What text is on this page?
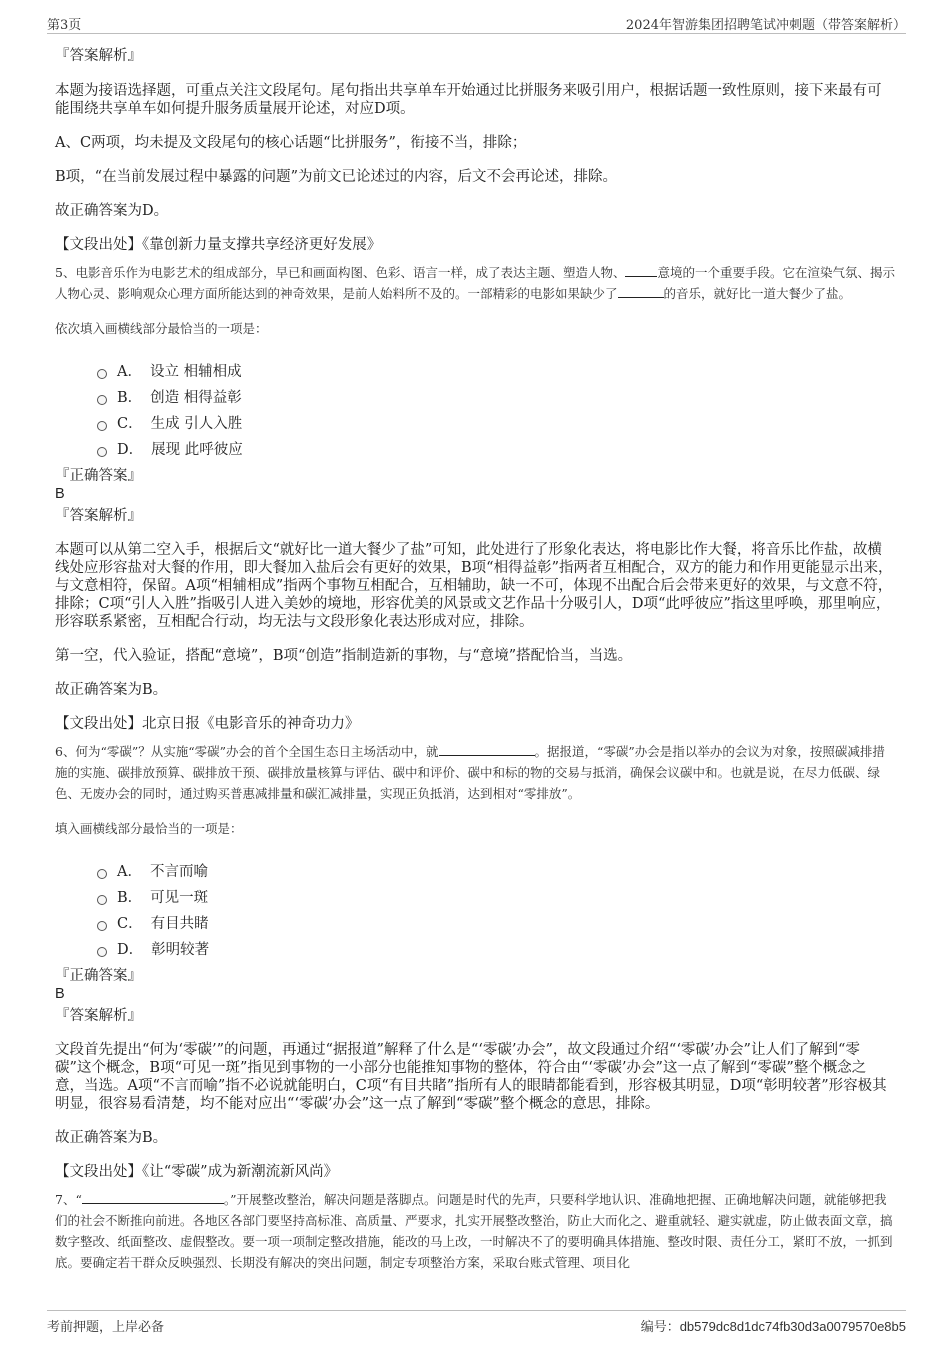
第3页	2024年智游集团招聘笔试冲刺题（带答案解析）

『答案解析』

本题为接语选择题，可重点关注文段尾句。尾句指出共享单车开始通过比拼服务来吸引用户，根据话题一致性原则，接下来最有可能围绕共享单车如何提升服务质量展开论述，对应D项。

A、C两项，均未提及文段尾句的核心话题“比拼服务”，衔接不当，排除；

B项，“在当前发展过程中暴露的问题”为前文已论述过的内容，后文不会再论述，排除。

故正确答案为D。

【文段出处】《靠创新力量支撑共享经济更好发展》

5、电影音乐作为电影艺术的组成部分，早已和画面构图、色彩、语言一样，成了表达主题、塑造人物、	意境的一个重要手段。它在渲染气氛、揭示人物心灵、影响观众心理方面所能达到的神奇效果，是前人始料所不及的。一部精彩的电影如果缺少了	的音乐，就好比一道大餐少了盐。

依次填入画横线部分最恰当的一项是：

A． 设立 相辅相成
B． 创造 相得益彰
C． 生成 引人入胜
D． 展现 此呼彼应

『正确答案』

B

『答案解析』

本题可以从第二空入手，根据后文“就好比一道大餐少了盐”可知，此处进行了形象化表达，将电影比作大餐，将音乐比作盐，故横线处应形容盐对大餐的作用，即大餐加入盐后会有更好的效果，B项“相得益彰”指两者互相配合，双方的能力和作用更能显示出来，与文意相符，保留。A项“相辅相成”指两个事物互相配合，互相辅助，缺一不可，体现不出配合后会带来更好的效果，与文意不符，排除；C项“引人入胜”指吸引人进入美妙的境地，形容优美的风景或文艺作品十分吸引人，D项“此呼彼应”指这里呼唤，那里响应，形容联系紧密，互相配合行动，均无法与文段形象化表达形成对应，排除。

第一空，代入验证，搭配“意境”，B项“创造”指制造新的事物，与“意境”搭配恰当，当选。

故正确答案为B。

【文段出处】北京日报《电影音乐的神奇功力》

6、何为“零碳”？从实施“零碳”办会的首个全国生态日主场活动中，就	。据报道，“零碳”办会是指以举办的会议为对象，按照碳减排措施的实施、碳排放预算、碳排放干预、碳排放量核算与评估、碳中和评价、碳中和标的物的交易与抵消，确保会议碳中和。也就是说，在尽力低碳、绿色、无废办会的同时，通过购买普惠减排量和碳汇减排量，实现正负抵消，达到相对“零排放”。

填入画横线部分最恰当的一项是：

A． 不言而喻
B． 可见一斑
C． 有目共睹
D． 彰明较著

『正确答案』

B

『答案解析』

文段首先提出“何为‘零碳’”的问题，再通过“据报道”解释了什么是“‘零碳’办会”，故文段通过介绍“‘零碳’办会”让人们了解到“零碳”这个概念，B项“可见一斑”指见到事物的一小部分也能推知事物的整体，符合由“‘零碳’办会”这一点了解到“零碳”整个概念之意，当选。A项“不言而喻”指不必说就能明白，C项“有目共睹”指所有人的眼睛都能看到，形容极其明显，D项“彰明较著”形容极其明显，很容易看清楚，均不能对应出“‘零碳’办会”这一点了解到“零碳”整个概念的意思，排除。

故正确答案为B。

【文段出处】《让“零碳”成为新潮流新风尚》

7、“	。”开展整改整治，解决问题是落脚点。问题是时代的先声，只要科学地认识、准确地把握、正确地解决问题，就能够把我们的社会不断推向前进。各地区各部门要坚持高标准、高质量、严要求，扎实开展整改整治，防止大而化之、避重就轻、避实就虚，防止做表面文章，搞数字整改、纸面整改、虚假整改。要一项一项制定整改措施，能改的马上改，一时解决不了的要明确具体措施、整改时限、责任分工，紧盯不放，一抓到底。要确定若干群众反映强烈、长期没有解决的突出问题，制定专项整治方案，采取台账式管理、项目化

考前押题，上岸必备	编号：db579dc8d1dc74fb30d3a0079570e8b5
